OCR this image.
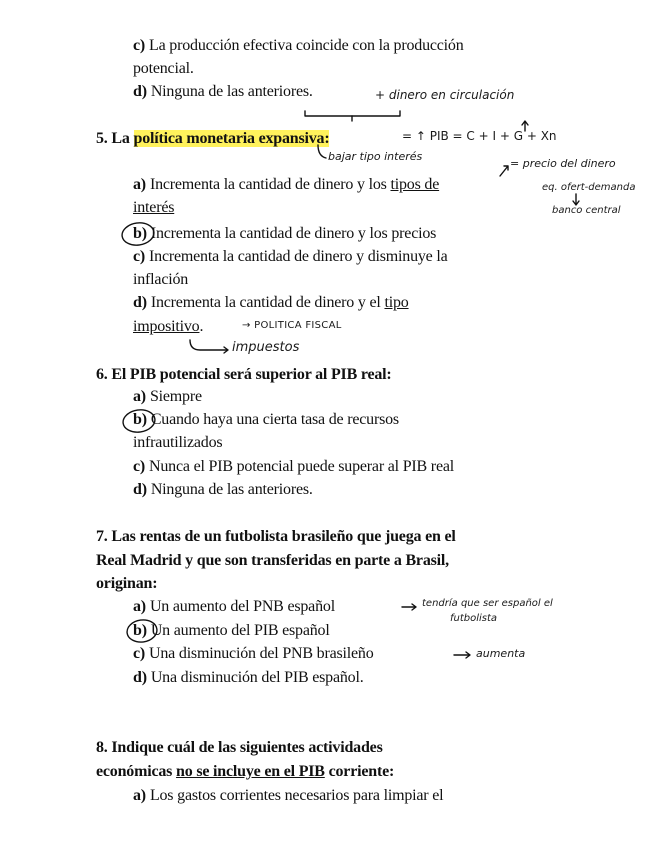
c) La producción efectiva coincide con la producción
potencial.
d) Ninguna de las anteriores.
5. La política monetaria expansiva:
a) Incrementa la cantidad de dinero y los tipos de
interés
b) Incrementa la cantidad de dinero y los precios
c) Incrementa la cantidad de dinero y disminuye la
inflación
d) Incrementa la cantidad de dinero y el tipo
impositivo.
+ dinero en circulación
= ↑ PIB = C + I + G + Xn
bajar tipo interés
= precio del dinero
eq. ofert-demanda
banco central
→ POLITICA FISCAL
impuestos
6. El PIB potencial será superior al PIB real:
a) Siempre
b) Cuando haya una cierta tasa de recursos
infrautilizados
c) Nunca el PIB potencial puede superar al PIB real
d) Ninguna de las anteriores.
7. Las rentas de un futbolista brasileño que juega en el
Real Madrid y que son transferidas en parte a Brasil,
originan:
a) Un aumento del PNB español
b) Un aumento del PIB español
c) Una disminución del PNB brasileño
d) Una disminución del PIB español.
tendría que ser español el
futbolista
aumenta
8. Indique cuál de las siguientes actividades
económicas no se incluye en el PIB corriente:
a) Los gastos corrientes necesarios para limpiar el
